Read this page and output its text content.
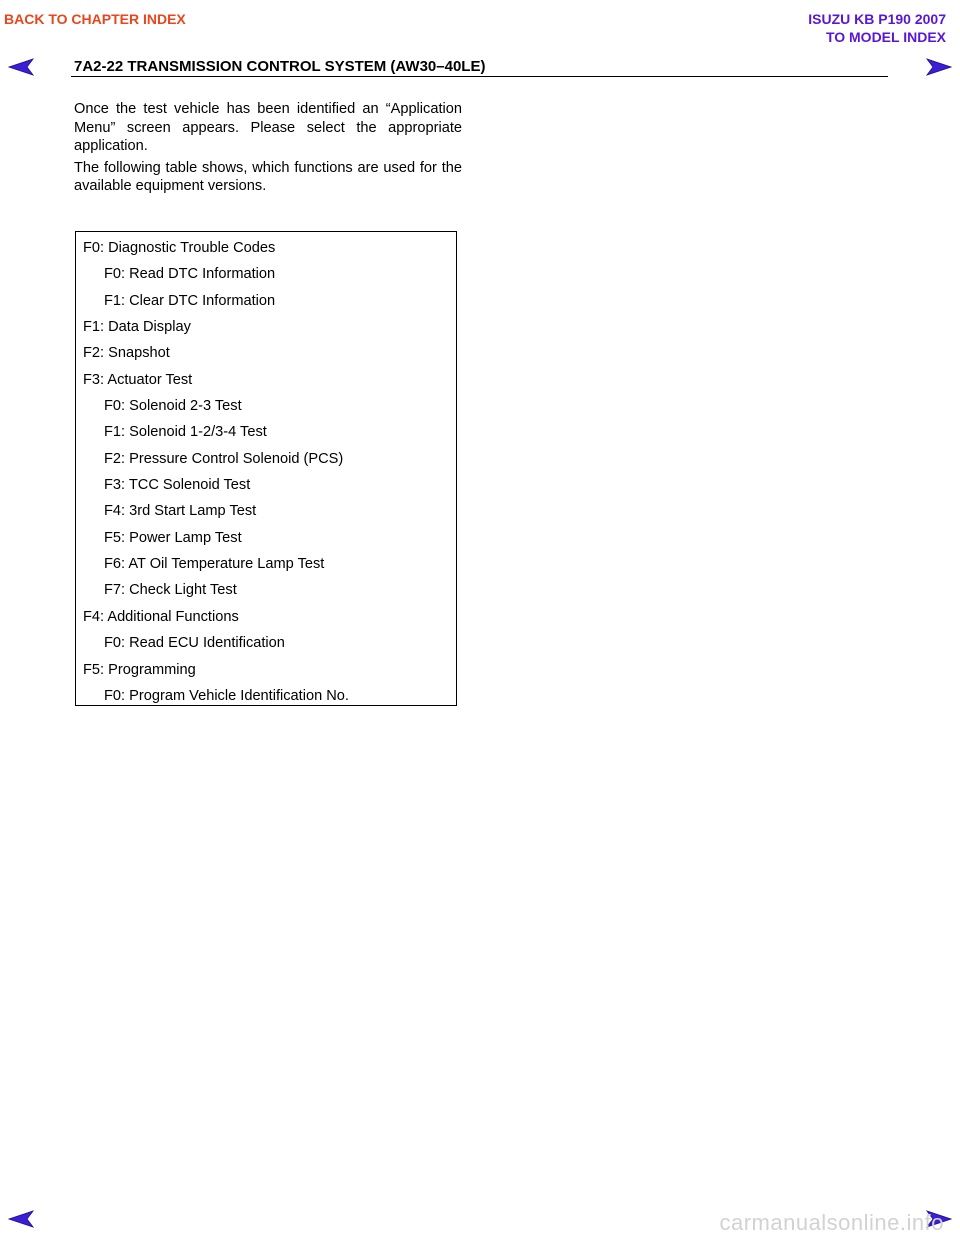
BACK TO CHAPTER INDEX	ISUZU KB P190 2007
TO MODEL INDEX
7A2-22 TRANSMISSION CONTROL SYSTEM (AW30–40LE)

Once the test vehicle has been identified an “Application Menu” screen appears. Please select the appropriate application.

The following table shows, which functions are used for the available equipment versions.

F0: Diagnostic Trouble Codes
F0: Read DTC Information
F1: Clear DTC Information
F1: Data Display
F2: Snapshot
F3: Actuator Test
F0: Solenoid 2-3 Test
F1: Solenoid 1-2/3-4 Test
F2: Pressure Control Solenoid (PCS)
F3: TCC Solenoid Test
F4: 3rd Start Lamp Test
F5: Power Lamp Test
F6: AT Oil Temperature Lamp Test
F7: Check Light Test
F4: Additional Functions
F0: Read ECU Identification
F5: Programming
F0: Program Vehicle Identification No.
carmanualsonline.info
